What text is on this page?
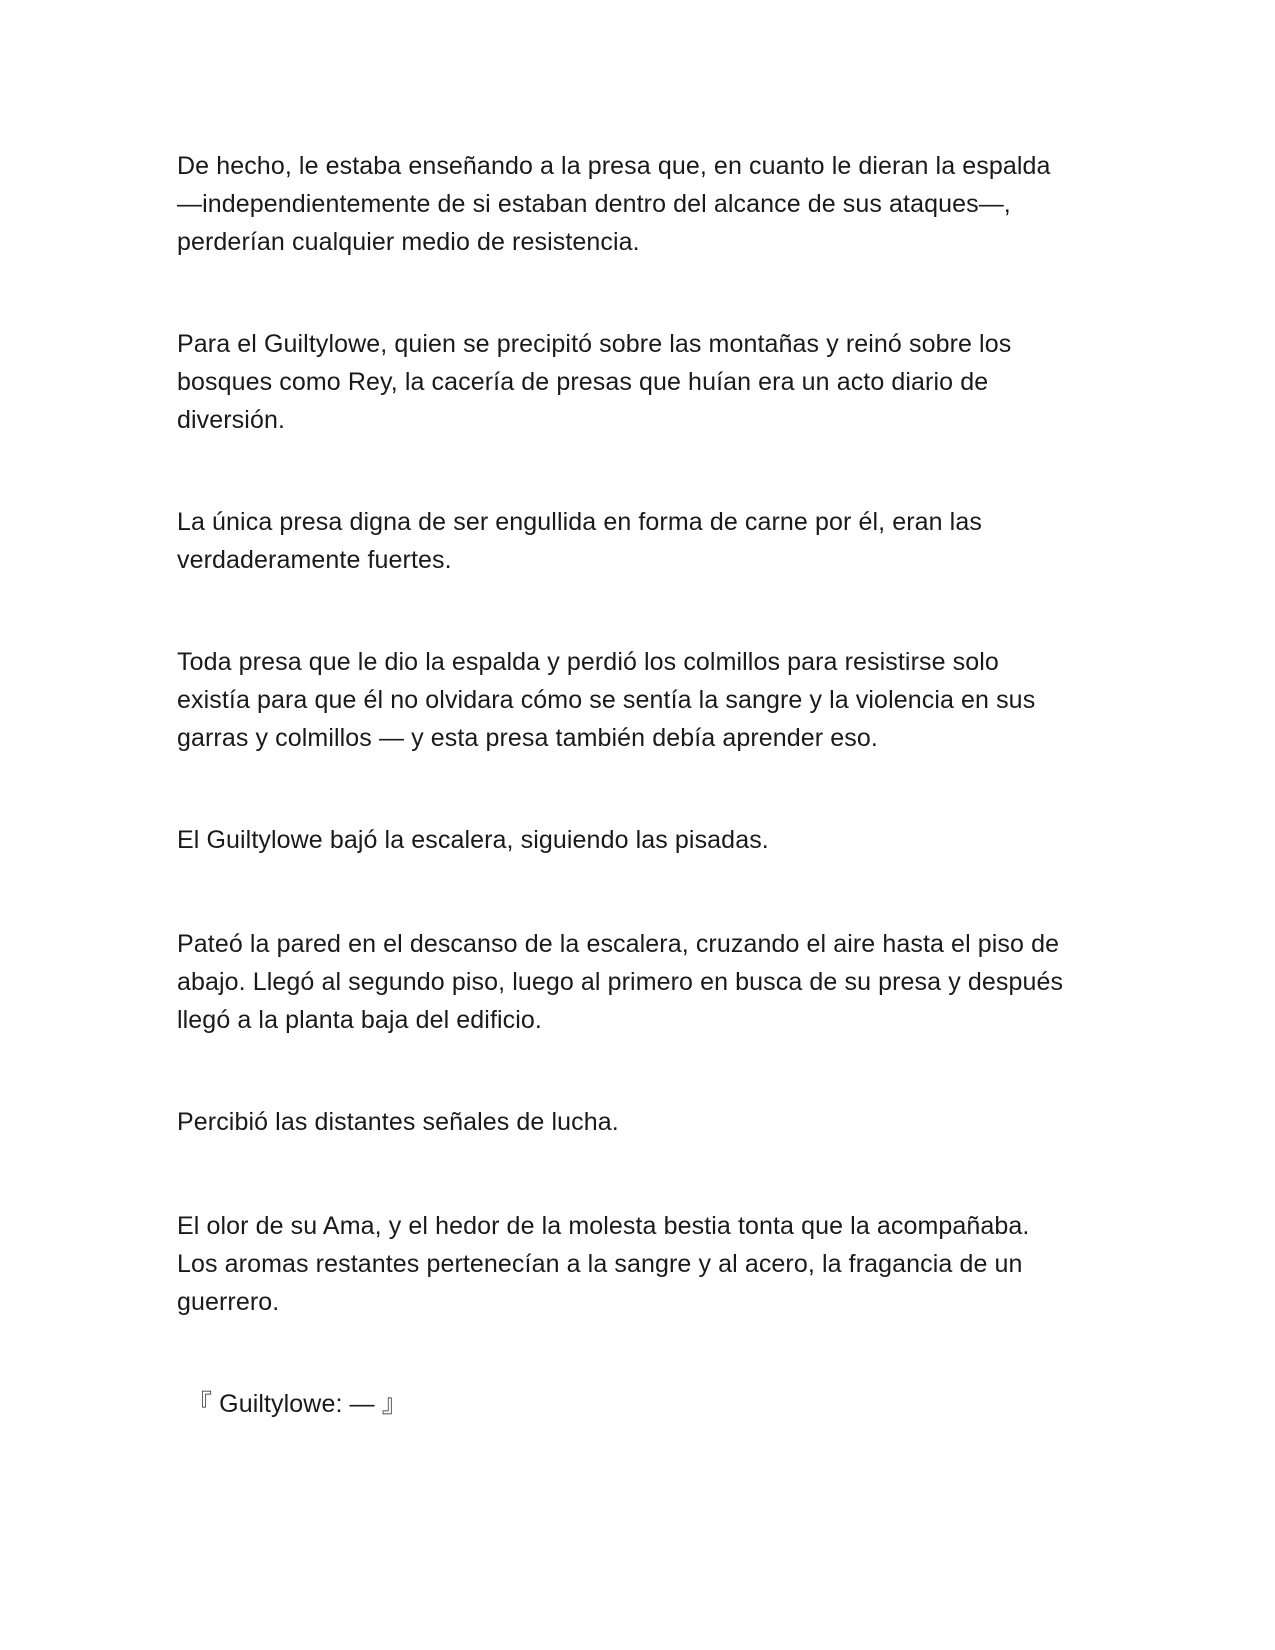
De hecho, le estaba enseñando a la presa que, en cuanto le dieran la espalda
—independientemente de si estaban dentro del alcance de sus ataques—,
perderían cualquier medio de resistencia.

Para el Guiltylowe, quien se precipitó sobre las montañas y reinó sobre los
bosques como Rey, la cacería de presas que huían era un acto diario de
diversión.

La única presa digna de ser engullida en forma de carne por él, eran las
verdaderamente fuertes.

Toda presa que le dio la espalda y perdió los colmillos para resistirse solo
existía para que él no olvidara cómo se sentía la sangre y la violencia en sus
garras y colmillos — y esta presa también debía aprender eso.

El Guiltylowe bajó la escalera, siguiendo las pisadas.

Pateó la pared en el descanso de la escalera, cruzando el aire hasta el piso de
abajo. Llegó al segundo piso, luego al primero en busca de su presa y después
llegó a la planta baja del edificio.

Percibió las distantes señales de lucha.

El olor de su Ama, y el hedor de la molesta bestia tonta que la acompañaba.
Los aromas restantes pertenecían a la sangre y al acero, la fragancia de un
guerrero.

『 Guiltylowe: — 』
